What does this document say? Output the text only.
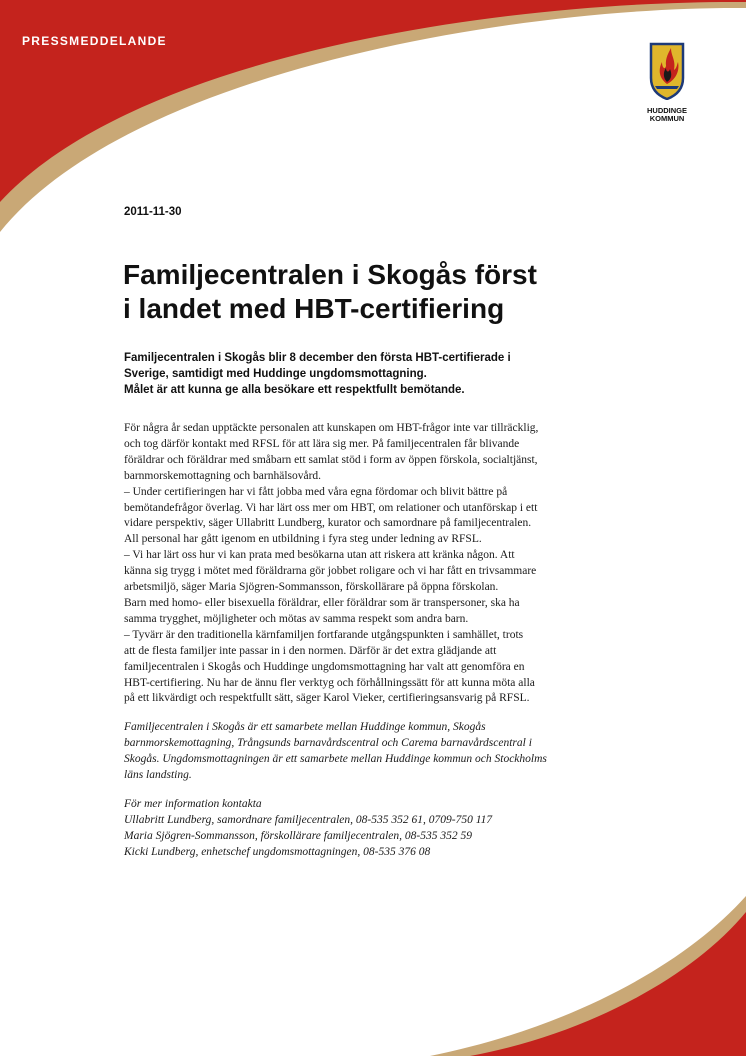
PRESSMEDDELANDE
HUDDINGE
KOMMUN
2011-11-30
Familjecentralen i Skogås först
i landet med HBT-certifiering

Familjecentralen i Skogås blir 8 december den första HBT-certifierade i
Sverige, samtidigt med Huddinge ungdomsmottagning.
Målet är att kunna ge alla besökare ett respektfullt bemötande.

För några år sedan upptäckte personalen att kunskapen om HBT-frågor inte var tillräcklig,
och tog därför kontakt med RFSL för att lära sig mer. På familjecentralen får blivande
föräldrar och föräldrar med småbarn ett samlat stöd i form av öppen förskola, socialtjänst,
barnmorskemottagning och barnhälsovård.
– Under certifieringen har vi fått jobba med våra egna fördomar och blivit bättre på
bemötandefrågor överlag. Vi har lärt oss mer om HBT, om relationer och utanförskap i ett
vidare perspektiv, säger Ullabritt Lundberg, kurator och samordnare på familjecentralen.
All personal har gått igenom en utbildning i fyra steg under ledning av RFSL.
– Vi har lärt oss hur vi kan prata med besökarna utan att riskera att kränka någon. Att
känna sig trygg i mötet med föräldrarna gör jobbet roligare och vi har fått en trivsammare
arbetsmiljö, säger Maria Sjögren-Sommansson, förskollärare på öppna förskolan.
Barn med homo- eller bisexuella föräldrar, eller föräldrar som är transpersoner, ska ha
samma trygghet, möjligheter och mötas av samma respekt som andra barn.
– Tyvärr är den traditionella kärnfamiljen fortfarande utgångspunkten i samhället, trots
att de flesta familjer inte passar in i den normen. Därför är det extra glädjande att
familjecentralen i Skogås och Huddinge ungdomsmottagning har valt att genomföra en
HBT-certifiering. Nu har de ännu fler verktyg och förhållningssätt för att kunna möta alla
på ett likvärdigt och respektfullt sätt, säger Karol Vieker, certifieringsansvarig på RFSL.
Familjecentralen i Skogås är ett samarbete mellan Huddinge kommun, Skogås
barnmorskemottagning, Trångsunds barnavårdscentral och Carema barnavårdscentral i
Skogås. Ungdomsmottagningen är ett samarbete mellan Huddinge kommun och Stockholms
läns landsting.
För mer information kontakta
Ullabritt Lundberg, samordnare familjecentralen, 08-535 352 61, 0709-750 117
Maria Sjögren-Sommansson, förskollärare familjecentralen, 08-535 352 59
Kicki Lundberg, enhetschef ungdomsmottagningen, 08-535 376 08
